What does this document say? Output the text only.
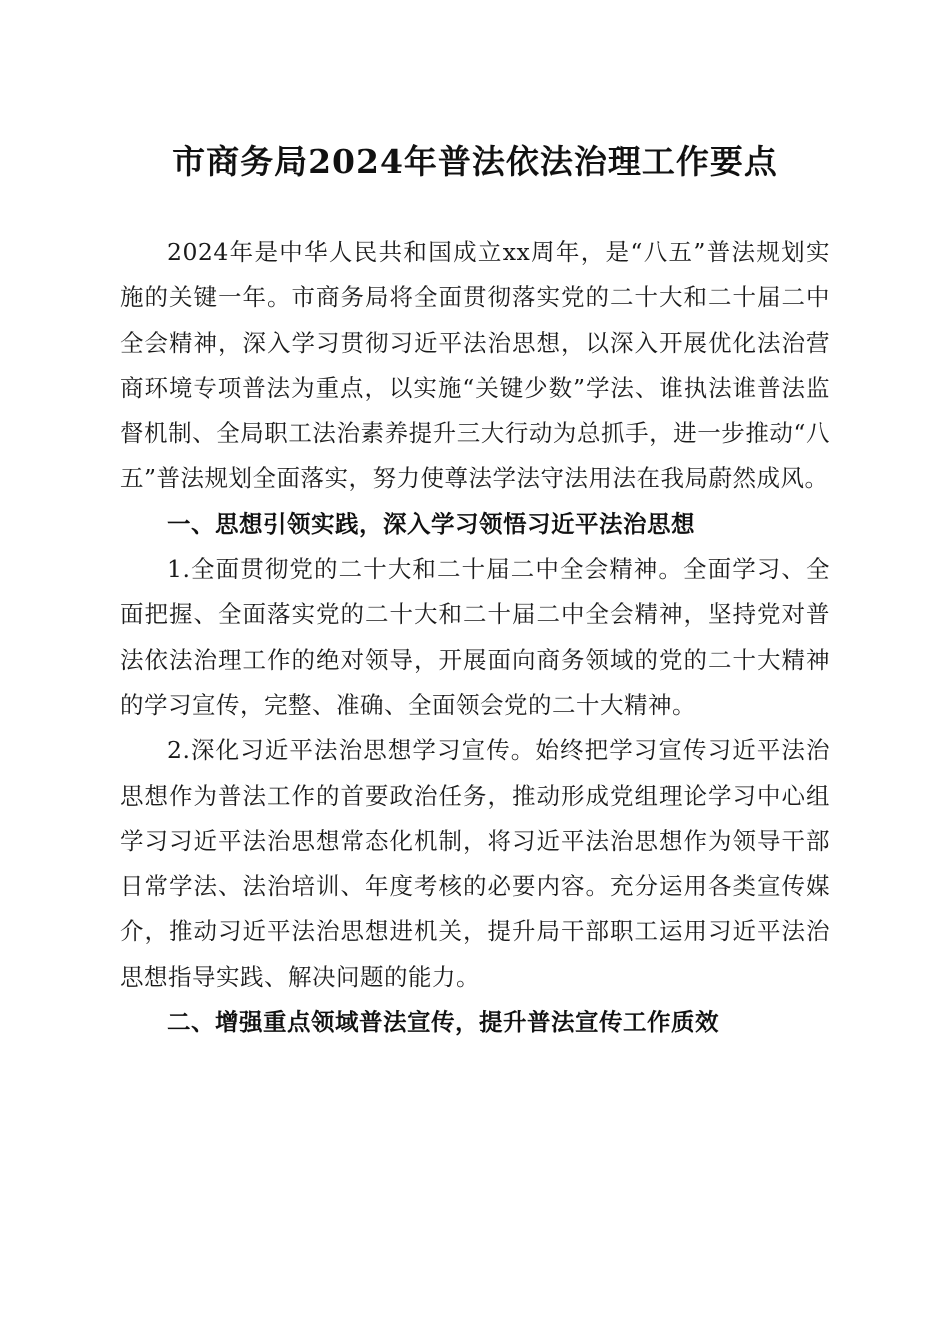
市商务局2024年普法依法治理工作要点

2024年是中华人民共和国成立xx周年，是“八五”普法规划实施的关键一年。市商务局将全面贯彻落实党的二十大和二十届二中全会精神，深入学习贯彻习近平法治思想，以深入开展优化法治营商环境专项普法为重点，以实施“关键少数”学法、谁执法谁普法监督机制、全局职工法治素养提升三大行动为总抓手，进一步推动“八五”普法规划全面落实，努力使尊法学法守法用法在我局蔚然成风。

一、思想引领实践，深入学习领悟习近平法治思想

1.全面贯彻党的二十大和二十届二中全会精神。全面学习、全面把握、全面落实党的二十大和二十届二中全会精神，坚持党对普法依法治理工作的绝对领导，开展面向商务领域的党的二十大精神的学习宣传，完整、准确、全面领会党的二十大精神。

2.深化习近平法治思想学习宣传。始终把学习宣传习近平法治思想作为普法工作的首要政治任务，推动形成党组理论学习中心组学习习近平法治思想常态化机制，将习近平法治思想作为领导干部日常学法、法治培训、年度考核的必要内容。充分运用各类宣传媒介，推动习近平法治思想进机关，提升局干部职工运用习近平法治思想指导实践、解决问题的能力。

二、增强重点领域普法宣传，提升普法宣传工作质效
